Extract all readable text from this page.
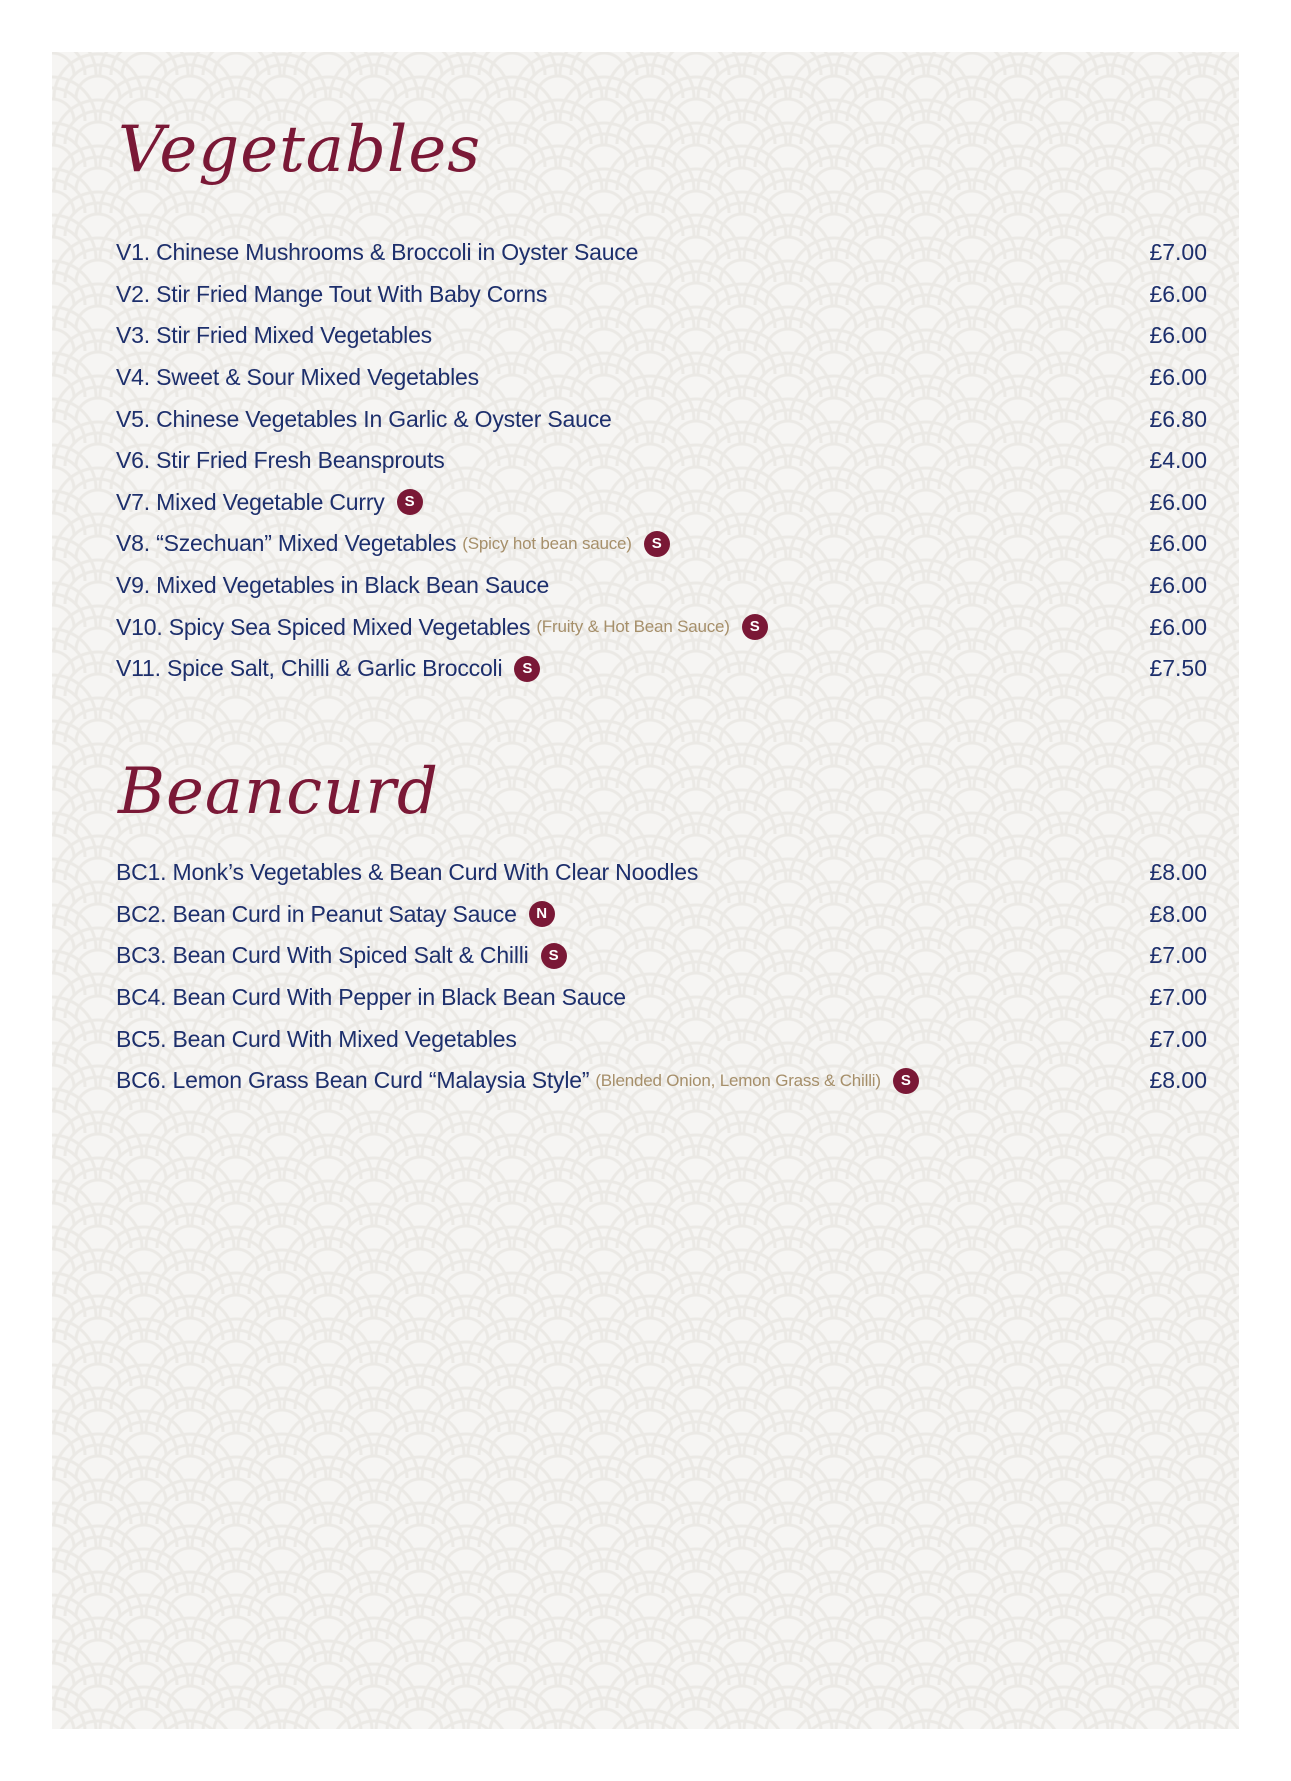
Vegetables
V1. Chinese Mushrooms & Broccoli in Oyster Sauce	£7.00
V2. Stir Fried Mange Tout With Baby Corns	£6.00
V3. Stir Fried Mixed Vegetables	£6.00
V4. Sweet & Sour Mixed Vegetables	£6.00
V5. Chinese Vegetables In Garlic & Oyster Sauce	£6.80
V6. Stir Fried Fresh Beansprouts	£4.00
V7. Mixed Vegetable Curry	S	£6.00
V8. “Szechuan” Mixed Vegetables (Spicy hot bean sauce)	S	£6.00
V9. Mixed Vegetables in Black Bean Sauce	£6.00
V10. Spicy Sea Spiced Mixed Vegetables (Fruity & Hot Bean Sauce)	S	£6.00
V11. Spice Salt, Chilli & Garlic Broccoli	S	£7.50
Beancurd
BC1. Monk’s Vegetables & Bean Curd With Clear Noodles	£8.00
BC2. Bean Curd in Peanut Satay Sauce	N	£8.00
BC3. Bean Curd With Spiced Salt & Chilli	S	£7.00
BC4. Bean Curd With Pepper in Black Bean Sauce	£7.00
BC5. Bean Curd With Mixed Vegetables	£7.00
BC6. Lemon Grass Bean Curd “Malaysia Style” (Blended Onion, Lemon Grass & Chilli)	S	£8.00
